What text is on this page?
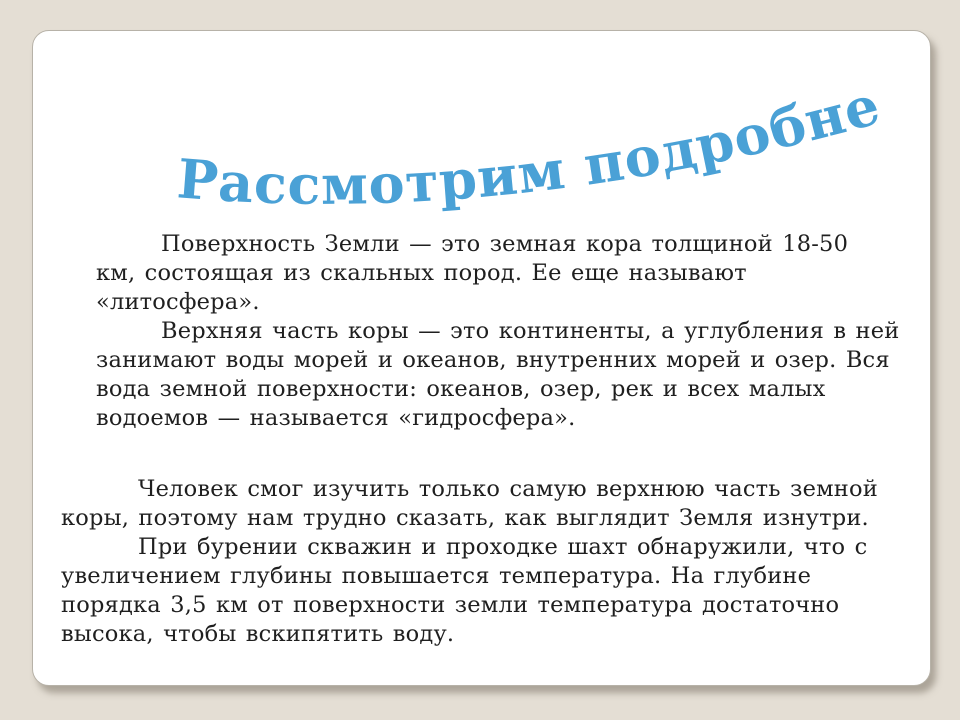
Рассмотрим подробнее
Поверхность Земли — это земная кора толщиной 18-50
км, состоящая из скальных пород. Ее еще называют
«литосфера».
Верхняя часть коры — это континенты, а углубления в ней
занимают воды морей и океанов, внутренних морей и озер. Вся
вода земной поверхности: океанов, озер, рек и всех малых
водоемов — называется «гидросфера».
Человек смог изучить только самую верхнюю часть земной
коры, поэтому нам трудно сказать, как выглядит Земля изнутри.
При бурении скважин и проходке шахт обнаружили, что с
увеличением глубины повышается температура. На глубине
порядка 3,5 км от поверхности земли температура достаточно
высока, чтобы вскипятить воду.
